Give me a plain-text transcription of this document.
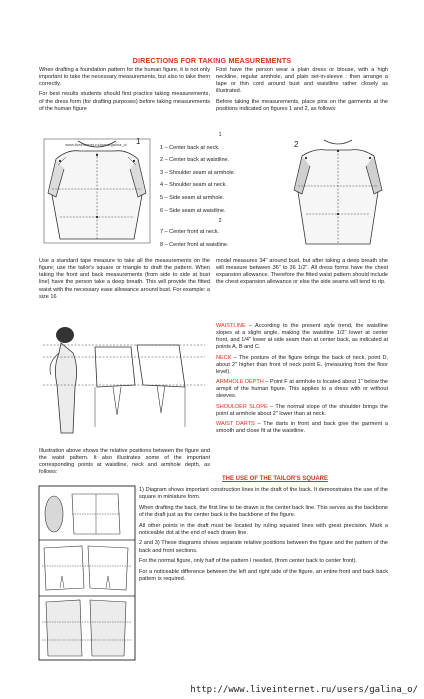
DIRECTIONS FOR TAKING MEASUREMENTS

When drafting a foundation pattern for the human figure, it is not only important to take the necessary measurements, but also to take them correctly.

For best results students should first practice taking measurements, of the dress form (for drafting purposes) before taking measurements of the human figure

First have the person wear a plain dress or blouse, with a high neckline, regular armhole, and plain set-in-sleeve : then arrange a tape or thin cord around bust and waistline rather closely as illustrated.

Before taking the measurements, place pins on the garments at the positions indicated on figures 1 and 2, as follows:

www.liveinternet.ru/users/galina_o/ 1
1
1 – Center back at neck.
2 – Center back at waistline.
3 – Shoulder seam at armhole.
4 – Shoulder seam at neck.
5 – Side seam at armhole.
6 – Side seam at waistline.
2
7 – Center front at neck.
8 – Center front at waistline.
2
Use a standard tape measure to take all the measurements on the figure; use the tailor's square or triangle to draft the pattern. When taking the front and back measurements (from side to side at bust line) have the person take a deep breath. This will provide the fitted waist with the necessary ease allowance around bust. For example: a size 16
model measures 34" around bust, but after taking a deep breath she will measure between 36" to 36 1/2". All dress forms have the chest expansion allowance. Therefore the fitted waist pattern should include the chest expansion allowance or else the side seams will tend to rip.
Illustration above shows the relative positions between the figure and the waist pattern. It also illustrates some of the important corresponding points at waistline, neck and armhole depth, as follows:

WAISTLINE – According to the present style trend, the waistline slopes at a slight angle, making the waistline 1/2" lower at center front, and 1/4" lower at side seam than at center back, as indicated at points A, B and C.

NECK – The posture of the figure brings the back of neck, point D, about 2" higher than front of neck point E. (measuring from the floor level).

ARMHOLE DEPTH – Point F at armhole is located about 1" below the armpit of the human figure. This applies to a dress with or without sleeves.

SHOULDER SLOPE – The normal slope of the shoulder brings the point at armhole about 2" lower than at neck.

WAIST DARTS – The darts in front and back give the garment a smooth and close fit at the waistline.

THE USE OF THE TAILOR'S SQUARE

1) Diagram shows important construction lines in the draft of the back. It demonstrates the use of the square in miniature form.

When drafting the back, the first line to be drawn is the center back line. This serves as the backbone of the draft just as the center back is the backbone of the figure.

All other points in the draft must be located by ruling squared lines with great precision. Mark a noticeable dot at the end of each drawn line.

2 and 3) These diagrams shows separate relative positions between the figure and the pattern of the back and front sections.

For the normal figure, only half of the pattern I needed, (from center back to center front).

For a noticeable difference between the left and right side of the figure, an entire front and back back pattern is required.

http://www.liveinternet.ru/users/galina_o/
